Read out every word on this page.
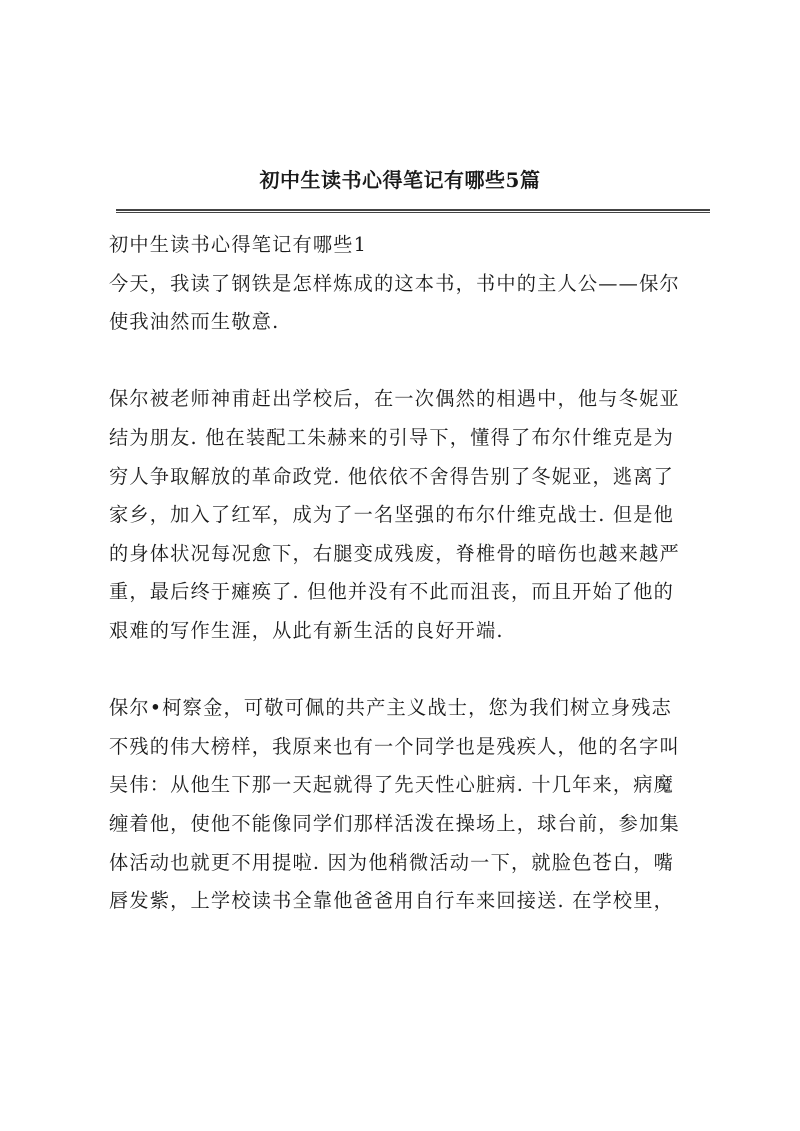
初中生读书心得笔记有哪些5篇

初中生读书心得笔记有哪些1

今天，我读了钢铁是怎样炼成的这本书，书中的主人公——保尔
使我油然而生敬意.

保尔被老师神甫赶出学校后，在一次偶然的相遇中，他与冬妮亚
结为朋友. 他在装配工朱赫来的引导下，懂得了布尔什维克是为
穷人争取解放的革命政党. 他依依不舍得告别了冬妮亚，逃离了
家乡，加入了红军，成为了一名坚强的布尔什维克战士. 但是他
的身体状况每况愈下，右腿变成残废，脊椎骨的暗伤也越来越严
重，最后终于瘫痪了. 但他并没有不此而沮丧，而且开始了他的
艰难的写作生涯，从此有新生活的良好开端.

保尔•柯察金，可敬可佩的共产主义战士，您为我们树立身残志
不残的伟大榜样，我原来也有一个同学也是残疾人，他的名字叫
吴伟：从他生下那一天起就得了先天性心脏病. 十几年来，病魔
缠着他，使他不能像同学们那样活泼在操场上，球台前，参加集
体活动也就更不用提啦. 因为他稍微活动一下，就脸色苍白，嘴
唇发紫，上学校读书全靠他爸爸用自行车来回接送. 在学校里，
